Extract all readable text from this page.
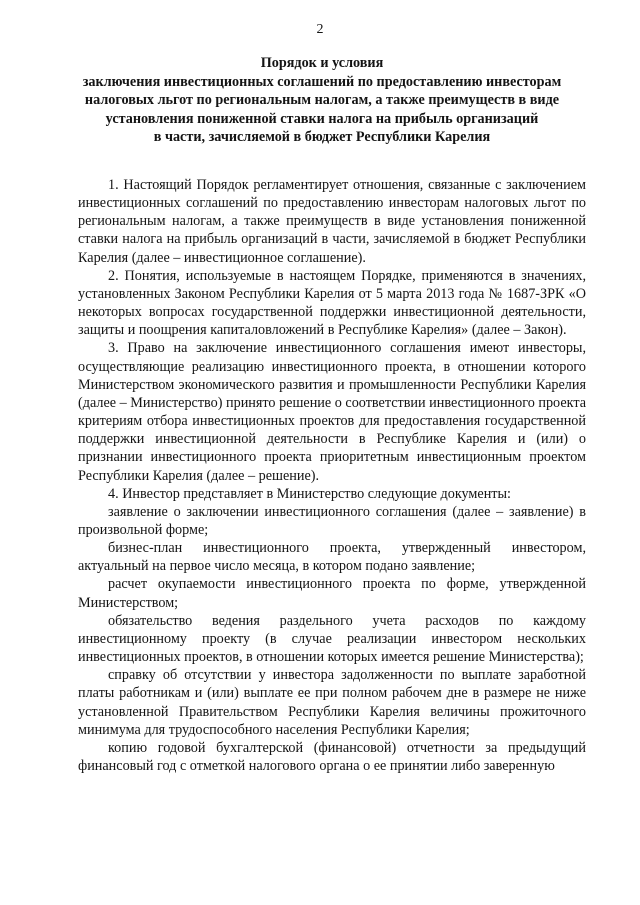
2
Порядок и условия
заключения инвестиционных соглашений по предоставлению инвесторам
налоговых льгот по региональным налогам, а также преимуществ в виде
установления пониженной ставки налога на прибыль организаций
в части, зачисляемой в бюджет Республики Карелия

1. Настоящий Порядок регламентирует отношения, связанные с заключением инвестиционных соглашений по предоставлению инвесторам налоговых льгот по региональным налогам, а также преимуществ в виде установления пониженной ставки налога на прибыль организаций в части, зачисляемой в бюджет Республики Карелия (далее – инвестиционное соглашение).

2. Понятия, используемые в настоящем Порядке, применяются в значениях, установленных Законом Республики Карелия от 5 марта 2013 года № 1687-ЗРК «О некоторых вопросах государственной поддержки инвестиционной деятельности, защиты и поощрения капиталовложений в Республике Карелия» (далее – Закон).

3. Право на заключение инвестиционного соглашения имеют инвесторы, осуществляющие реализацию инвестиционного проекта, в отношении которого Министерством экономического развития и промышленности Республики Карелия (далее – Министерство) принято решение о соответствии инвестиционного проекта критериям отбора инвестиционных проектов для предоставления государственной поддержки инвестиционной деятельности в Республике Карелия и (или) о признании инвестиционного проекта приоритетным инвестиционным проектом Республики Карелия (далее – решение).

4. Инвестор представляет в Министерство следующие документы:

заявление о заключении инвестиционного соглашения (далее – заявление) в произвольной форме;

бизнес-план инвестиционного проекта, утвержденный инвестором, актуальный на первое число месяца, в котором подано заявление;

расчет окупаемости инвестиционного проекта по форме, утвержденной Министерством;

обязательство ведения раздельного учета расходов по каждому инвестиционному проекту (в случае реализации инвестором нескольких инвестиционных проектов, в отношении которых имеется решение Министерства);

справку об отсутствии у инвестора задолженности по выплате заработной платы работникам и (или) выплате ее при полном рабочем дне в размере не ниже установленной Правительством Республики Карелия величины прожиточного минимума для трудоспособного населения Республики Карелия;

копию годовой бухгалтерской (финансовой) отчетности за предыдущий финансовый год с отметкой налогового органа о ее принятии либо заверенную
